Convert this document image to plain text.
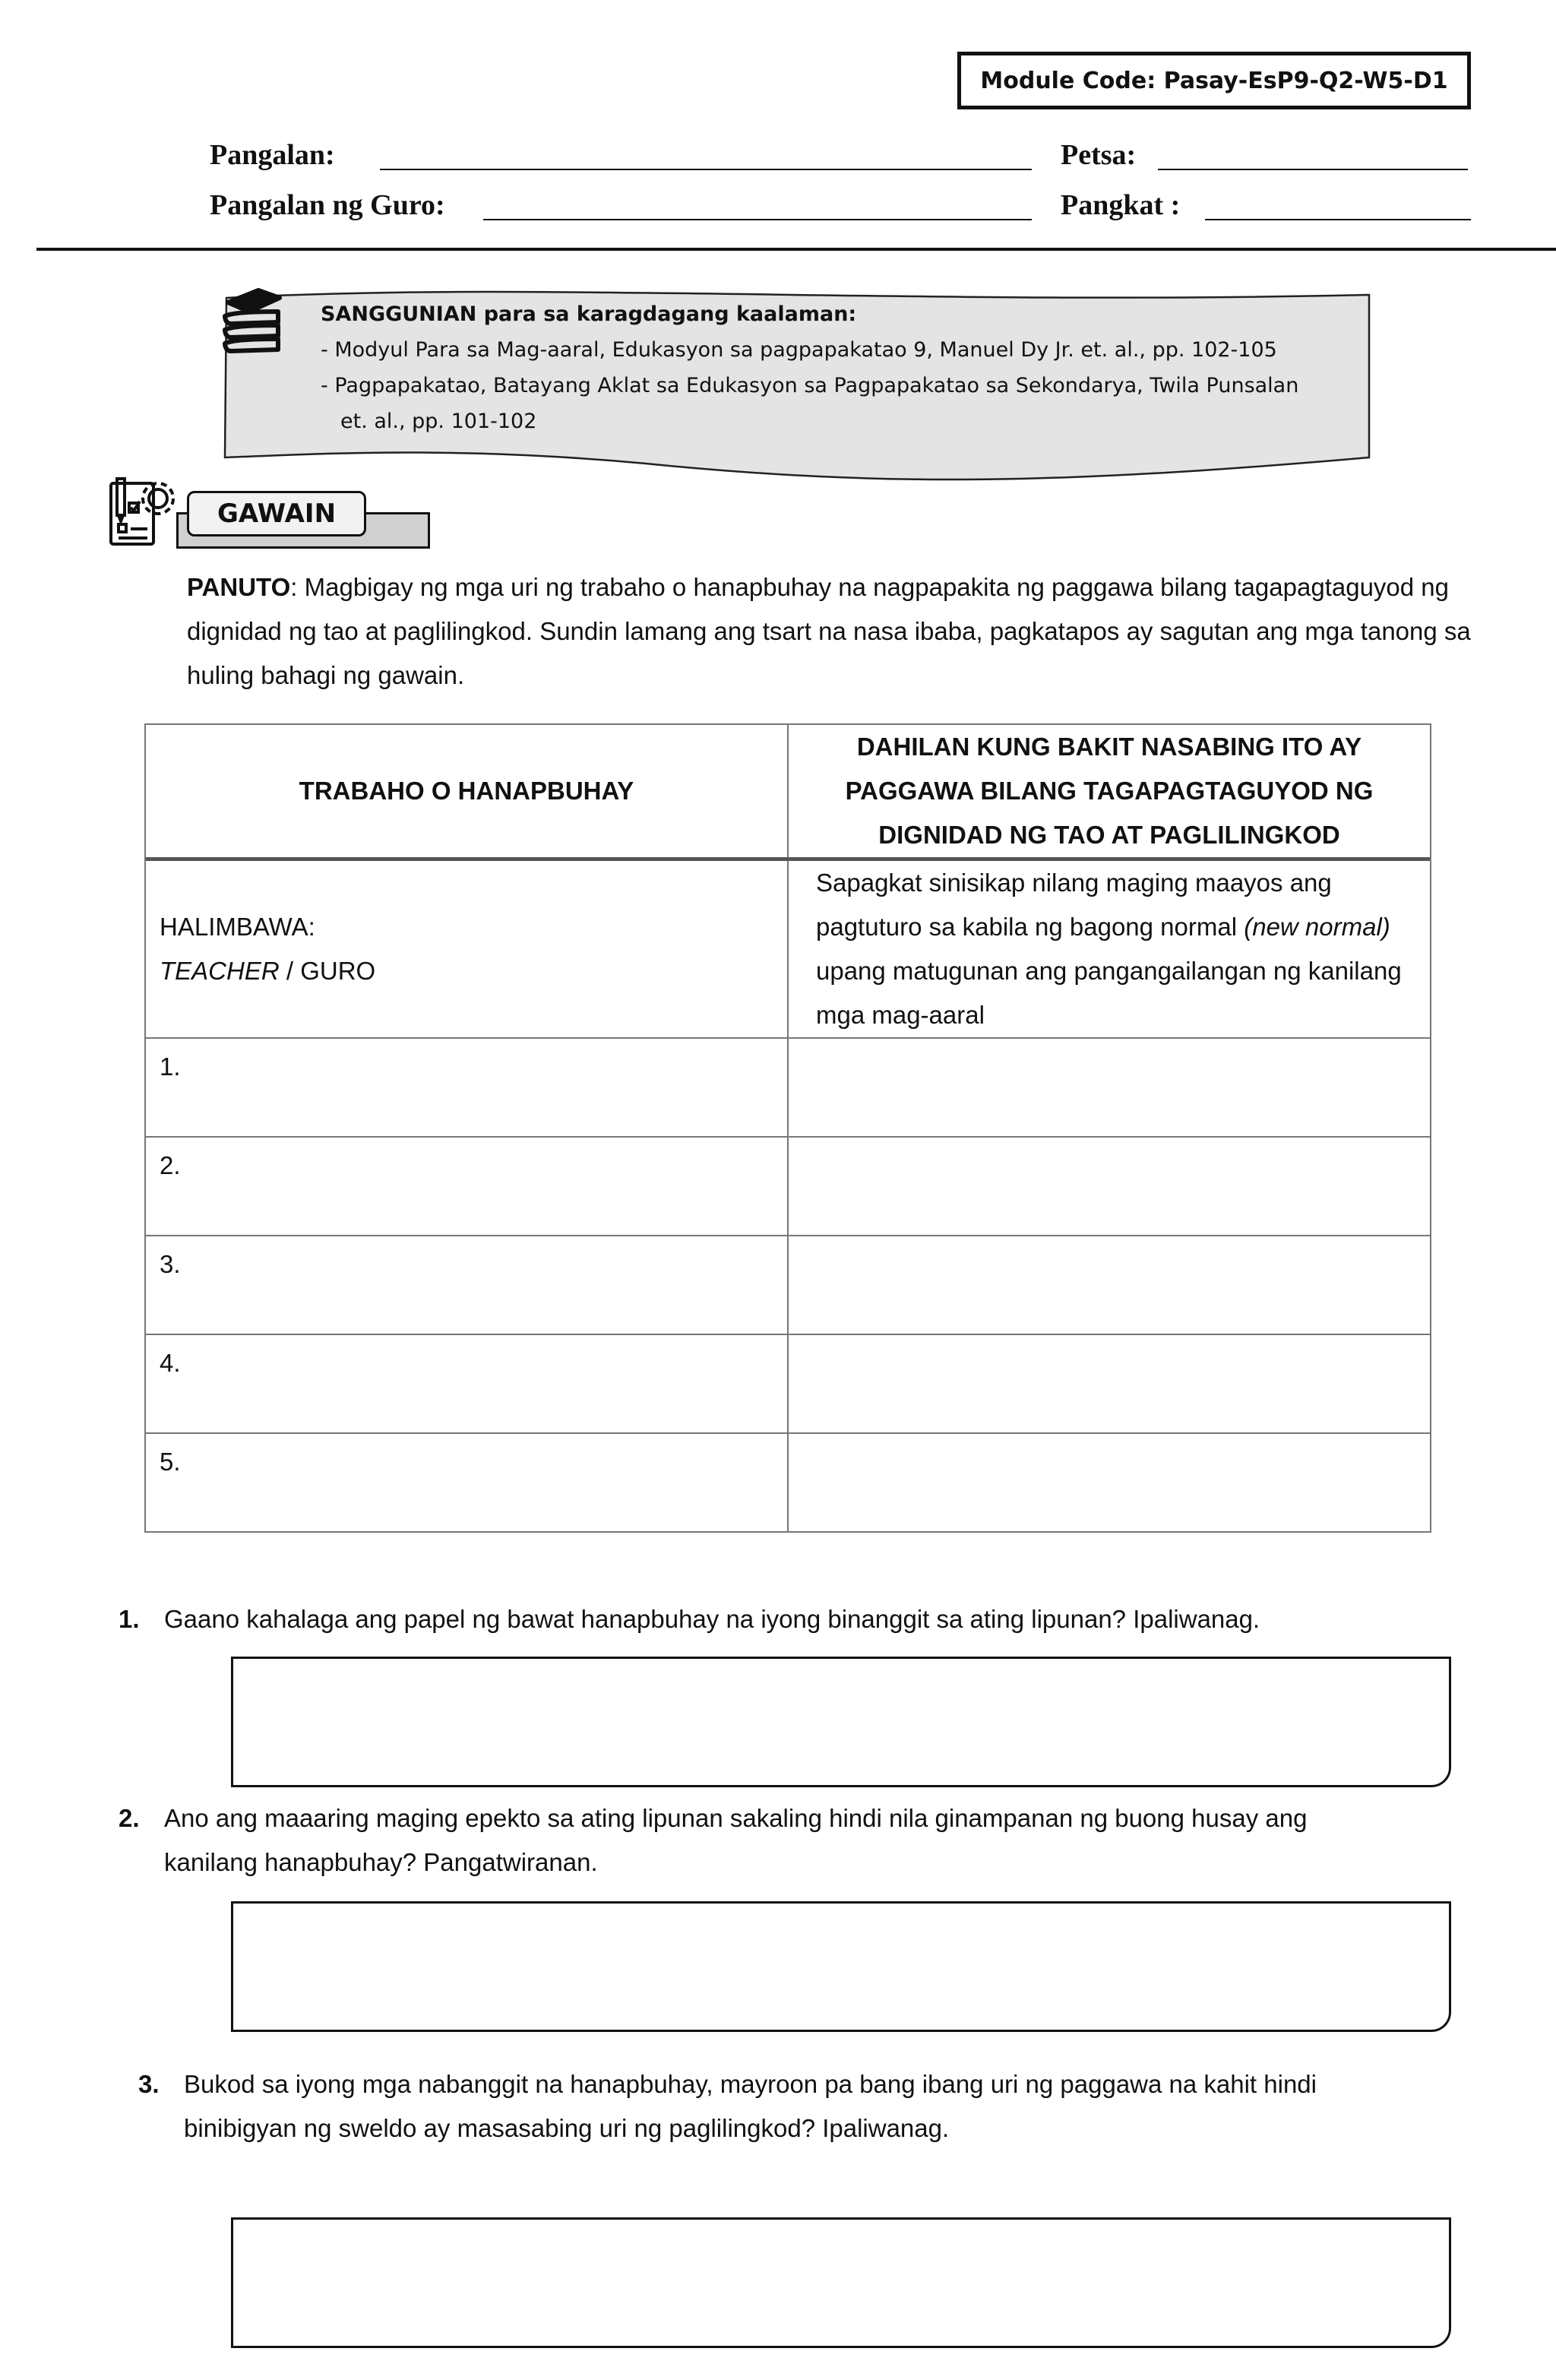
Module Code: Pasay-EsP9-Q2-W5-D1
Pangalan:	Petsa:
Pangalan ng Guro:	Pangkat :
SANGGUNIAN para sa karagdagang kaalaman:
- Modyul Para sa Mag-aaral, Edukasyon sa pagpapakatao 9, Manuel Dy Jr. et. al., pp. 102-105
- Pagpapakatao, Batayang Aklat sa Edukasyon sa Pagpapakatao sa Sekondarya, Twila Punsalan
et. al., pp. 101-102
GAWAIN
PANUTO: Magbigay ng mga uri ng trabaho o hanapbuhay na nagpapakita ng paggawa bilang tagapagtaguyod ng dignidad ng tao at paglilingkod. Sundin lamang ang tsart na nasa ibaba, pagkatapos ay sagutan ang mga tanong sa huling bahagi ng gawain.
TRABAHO O HANAPBUHAY
DAHILAN KUNG BAKIT NASABING ITO AY PAGGAWA BILANG TAGAPAGTAGUYOD NG DIGNIDAD NG TAO AT PAGLILINGKOD
HALIMBAWA:
TEACHER / GURO
Sapagkat sinisikap nilang maging maayos ang pagtuturo sa kabila ng bagong normal (new normal) upang matugunan ang pangangailangan ng kanilang mga mag-aaral
1.
2.
3.
4.
5.
1. Gaano kahalaga ang papel ng bawat hanapbuhay na iyong binanggit sa ating lipunan? Ipaliwanag.
2. Ano ang maaaring maging epekto sa ating lipunan sakaling hindi nila ginampanan ng buong husay ang kanilang hanapbuhay? Pangatwiranan.
3. Bukod sa iyong mga nabanggit na hanapbuhay, mayroon pa bang ibang uri ng paggawa na kahit hindi binibigyan ng sweldo ay masasabing uri ng paglilingkod? Ipaliwanag.
